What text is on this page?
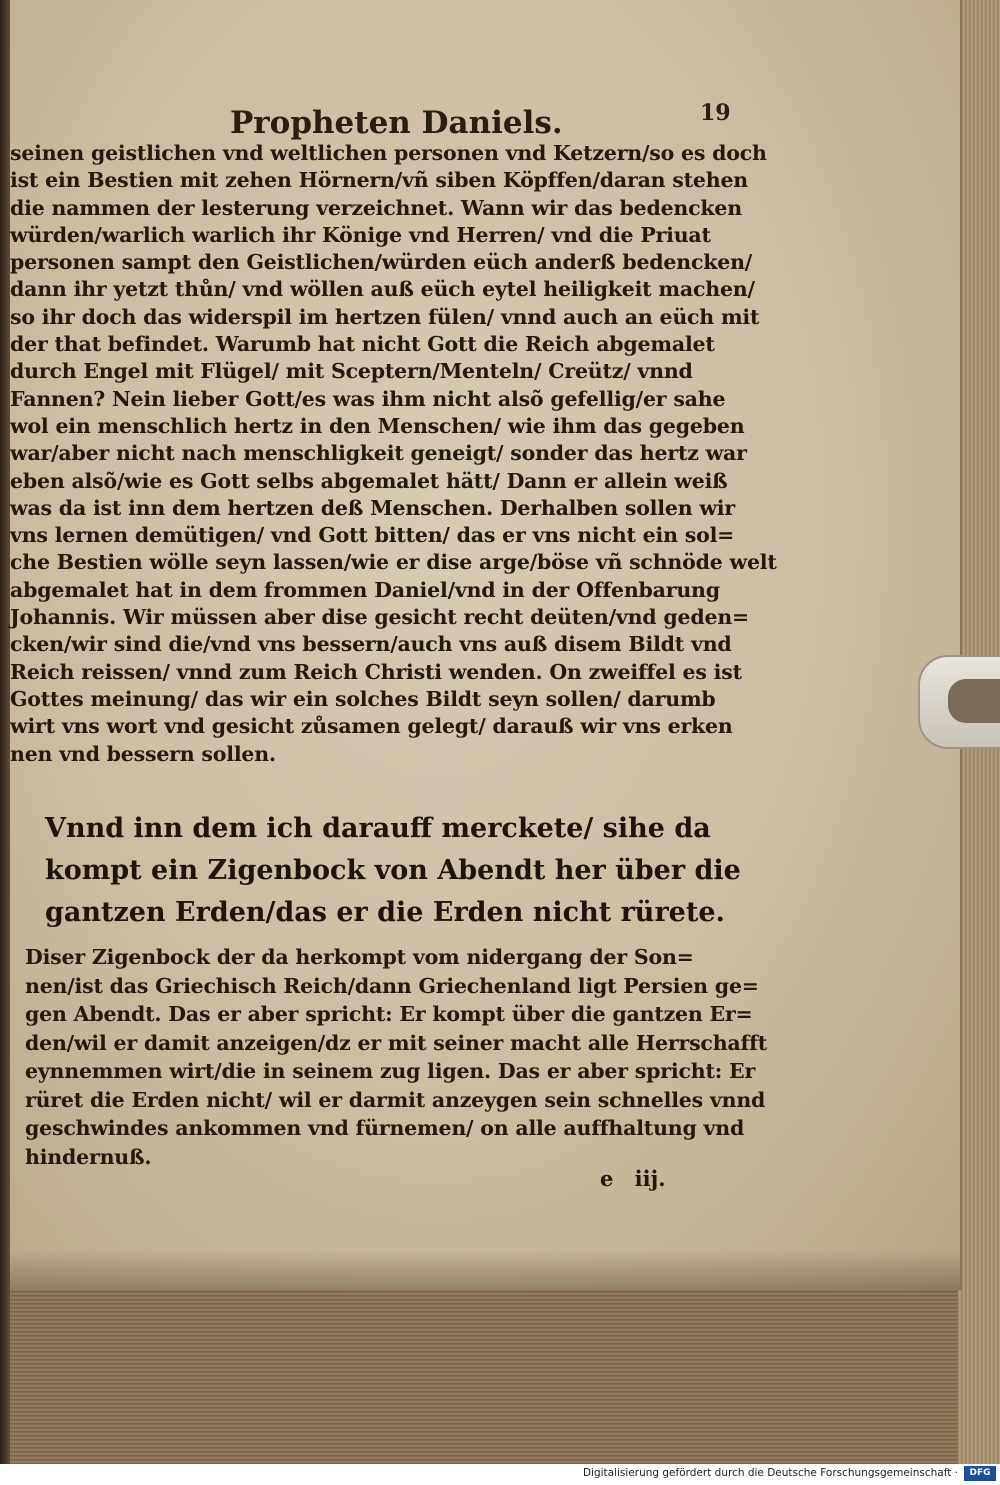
Propheten Daniels.	19
seinen geistlichen vnd weltlichen personen vnd Ketzern/so es doch
ist ein Bestien mit zehen Hörnern/vñ siben Köpffen/daran stehen
die nammen der lesterung verzeichnet. Wann wir das bedencken
würden/warlich warlich ihr Könige vnd Herren/ vnd die Priuat
personen sampt den Geistlichen/würden eüch anderß bedencken/
dann ihr yetzt thůn/ vnd wöllen auß eüch eytel heiligkeit machen/
so ihr doch das widerspil im hertzen fülen/ vnnd auch an eüch mit
der that befindet. Warumb hat nicht Gott die Reich abgemalet
durch Engel mit Flügel/ mit Sceptern/Menteln/ Creütz/ vnnd
Fannen? Nein lieber Gott/es was ihm nicht alsõ gefellig/er sahe
wol ein menschlich hertz in den Menschen/ wie ihm das gegeben
war/aber nicht nach menschligkeit geneigt/ sonder das hertz war
eben alsõ/wie es Gott selbs abgemalet hätt/ Dann er allein weiß
was da ist inn dem hertzen deß Menschen. Derhalben sollen wir
vns lernen demütigen/ vnd Gott bitten/ das er vns nicht ein sol=
che Bestien wölle seyn lassen/wie er dise arge/böse vñ schnöde welt
abgemalet hat in dem frommen Daniel/vnd in der Offenbarung
Johannis. Wir müssen aber dise gesicht recht deüten/vnd geden=
cken/wir sind die/vnd vns bessern/auch vns auß disem Bildt vnd
Reich reissen/ vnnd zum Reich Christi wenden. On zweiffel es ist
Gottes meinung/ das wir ein solches Bildt seyn sollen/ darumb
wirt vns wort vnd gesicht zůsamen gelegt/ darauß wir vns erken
nen vnd bessern sollen.
Vnnd inn dem ich darauff merckete/ sihe da
kompt ein Zigenbock von Abendt her über die
gantzen Erden/das er die Erden nicht rürete.
Diser Zigenbock der da herkompt vom nidergang der Son=
nen/ist das Griechisch Reich/dann Griechenland ligt Persien ge=
gen Abendt. Das er aber spricht: Er kompt über die gantzen Er=
den/wil er damit anzeigen/dz er mit seiner macht alle Herrschafft
eynnemmen wirt/die in seinem zug ligen. Das er aber spricht: Er
rüret die Erden nicht/ wil er darmit anzeygen sein schnelles vnnd
geschwindes ankommen vnd fürnemen/ on alle auffhaltung vnd
hindernuß.
e iij.
Digitalisierung gefördert durch die Deutsche Forschungsgemeinschaft ·	DFG
